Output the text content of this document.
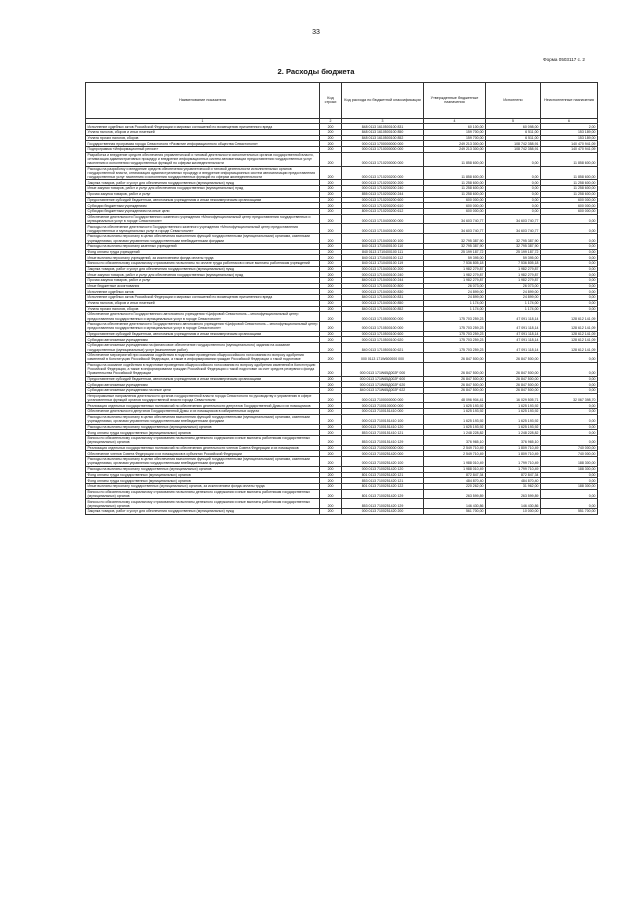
33
Форма 0503117 с. 2
2. Расходы бюджета
Наименование показателя	Код строки	Код расхода по бюджетной классификации	Утвержденные бюджетные назначения	Исполнено	Неисполненные назначения
1	2	3	4	5	6
Исполнение судебных актов Российской Федерации и мировых соглашений по возмещению причиненного вреда	200	848 0113 1610500100 831	60 100,00	60 098,00	2,00
Уплата налогов, сборов и иных платежей	200	848 0113 1610500100 850	159 700,00	6 511,00	153 189,00
Уплата прочих налогов, сборов	200	848 0113 1610500100 852	159 700,00	6 511,00	153 189,00
Государственная программа города Севастополя «Развитие информационного общества Севастополя»	200	000 0113 1700000000 000	249 213 300,00	108 742 358,91	140 470 941,09
Подпрограмма «Информационный регион»	200	000 0113 1710000000 000	249 213 300,00	108 742 358,91	140 470 941,09
Разработка и внедрение средств обеспечения управленческой и типовой деятельности исполнительных органов государственной власти, оптимизация административных процедур и внедрение информационных систем автоматизации предоставления государственных услуг населению и исполнения государственных функций по сферам жизнедеятельности	200	000 0113 1710200000 000	11 858 600,00	0,00	11 858 600,00
Расходы на разработку и внедрение средств обеспечения управленческой и типовой деятельности исполнительных органов государственной власти, оптимизация административных процедур и внедрение информационных систем автоматизации предоставления государственных услуг населению и исполнения государственных функций по сферам жизнедеятельности	200	000 0113 1710200200 000	11 858 600,00	0,00	11 858 600,00
Закупка товаров, работ и услуг для обеспечения государственных (муниципальных) нужд	200	000 0113 1710200200 200	11 258 600,00	0,00	11 258 600,00
Иные закупки товаров, работ и услуг для обеспечения государственных (муниципальных) нужд	200	000 0113 1710200200 240	11 258 600,00	0,00	11 258 600,00
Прочая закупка товаров, работ и услуг	200	855 0113 1710200200 244	11 258 600,00	0,00	11 258 600,00
Предоставление субсидий бюджетным, автономным учреждениям и иным некоммерческим организациям	200	000 0113 1710200200 600	600 000,00	0,00	600 000,00
Субсидии бюджетным учреждениям	200	000 0113 1710200200 610	600 000,00	0,00	600 000,00
Субсидии бюджетным учреждениям на иные цели	200	809 0113 1710200200 612	600 000,00	0,00	600 000,00
Обеспечение деятельности Государственного казенного учреждения «Многофункциональный центр предоставления государственных и муниципальных услуг в городе Севастополе»	200	000 0113 1710400000 000	34 603 740,77	34 603 740,77	0,00
Расходы на обеспечение деятельности Государственного казенного учреждения «Многофункциональный центр предоставления государственных и муниципальных услуг в городе Севастополе»	200	000 0113 1710400100 000	34 603 740,77	34 603 740,77	0,00
Расходы на выплаты персоналу в целях обеспечения выполнения функций государственными (муниципальными) органами, казенными учреждениями, органами управления государственными внебюджетными фондами	200	000 0113 1710400100 100	32 795 387,90	32 795 387,90	0,00
Расходы на выплаты персоналу казенных учреждений	200	840 0113 1710400100 110	32 795 387,90	32 795 387,90	0,00
Фонд оплаты труда учреждений	200	840 0113 1710400100 111	25 199 187,72	25 199 187,72	0,00
Иные выплаты персоналу учреждений, за исключением фонда оплаты труда	200	840 0113 1710400100 112	59 395,00	59 395,00	0,00
Взносы по обязательному социальному страхованию на выплаты по оплате труда работников и иные выплаты работникам учреждений	200	840 0113 1710400100 119	7 536 805,18	7 536 805,18	0,00
Закупка товаров, работ и услуг для обеспечения государственных (муниципальных) нужд	200	000 0113 1710400100 200	1 982 279,87	1 982 279,87	0,00
Иные закупки товаров, работ и услуг для обеспечения государственных (муниципальных) нужд	200	000 0113 1710400100 240	1 982 279,87	1 982 279,87	0,00
Прочая закупка товаров, работ и услуг	200	840 0113 1710400100 244	1 982 279,87	1 982 279,87	0,00
Иные бюджетные ассигнования	200	000 0113 1710400100 800	26 073,00	26 073,00	0,00
Исполнение судебных актов	200	000 0113 1710400100 830	24 899,00	24 899,00	0,00
Исполнение судебных актов Российской Федерации и мировых соглашений по возмещению причиненного вреда	200	840 0113 1710400100 831	24 899,00	24 899,00	0,00
Уплата налогов, сборов и иных платежей	200	000 0113 1710400100 850	1 174,00	1 174,00	0,00
Уплата прочих налогов, сборов	200	840 0113 1710400100 852	1 174,00	1 174,00	0,00
Обеспечение деятельности Государственного автономного учреждения «Цифровой Севастополь – многофункциональный центр предоставления государственных и муниципальных услуг в городе Севастополе»	200	000 0113 1710500000 000	175 703 259,23	47 091 118,14	128 612 141,09
Расходы на обеспечение деятельности Государственного автономного учреждения «Цифровой Севастополь – многофункциональный центр предоставления государственных и муниципальных услуг в городе Севастополе»	200	000 0113 1710500100 000	175 703 259,23	47 091 118,14	128 612 141,09
Предоставление субсидий бюджетным, автономным учреждениям и иным некоммерческим организациям	200	000 0113 1710500100 600	175 703 259,23	47 091 118,14	128 612 141,09
Субсидии автономным учреждениям	200	000 0113 1710500100 620	175 703 259,23	47 091 118,14	128 612 141,09
Субсидии автономным учреждениям на финансовое обеспечение государственного (муниципального) задания на оказание государственных (муниципальных) услуг (выполнение работ)	200	840 0113 1710500100 621	175 703 259,23	47 091 118,14	128 612 141,09
Обеспечение мероприятий при оказании содействия в подготовке проведения общероссийского голосования по вопросу одобрения изменений в Конституцию Российской Федерации, а также в информировании граждан Российской Федерации о такой подготовке	200	000 0113 171W600000 000	26 847 500,00	26 847 500,00	0,00
Расходы на оказание содействия в подготовке проведения общероссийского голосования по вопросу одобрения изменений в Конституцию Российской Федерации, а также в информировании граждан Российской Федерации о такой подготовке за счет средств резервного фонда Правительства Российской Федерации	200	000 0113 171W65Д002F 000	26 847 500,00	26 847 500,00	0,00
Предоставление субсидий бюджетным, автономным учреждениям и иным некоммерческим организациям	200	000 0113 171W65Д002F 600	26 847 500,00	26 847 500,00	0,00
Субсидии автономным учреждениям	200	000 0113 171W65Д002F 620	26 847 500,00	26 847 500,00	0,00
Субсидии автономным учреждениям на иные цели	200	840 0113 171W65Д002F 622	26 847 500,00	26 847 500,00	0,00
Непрограммные направления деятельности органов государственной власти города Севастополя по руководству и управлению в сфере установленных функций органов государственной власти города Севастополя	200	000 0113 7100000000 000	48 096 904,41	16 029 505,71	32 067 398,70
Реализация отдельных государственных полномочий по обеспечению деятельности депутатов Государственной Думы и их помощников	200	000 0113 7100100000 000	1 625 193,92	1 625 193,92	0,00
Обеспечение деятельности депутатов Государственной Думы и их помощников в избирательных округах	200	000 0113 7100151410 000	1 625 193,92	1 625 193,92	0,00
Расходы на выплаты персоналу в целях обеспечения выполнения функций государственными (муниципальными) органами, казенными учреждениями, органами управления государственными внебюджетными фондами	200	000 0113 7100151410 100	1 625 193,92	1 625 193,92	0,00
Расходы на выплаты персоналу государственных (муниципальных) органов	200	000 0113 7100151410 120	1 625 193,92	1 625 193,92	0,00
Фонд оплаты труда государственных (муниципальных) органов	200	853 0113 7100151410 121	1 248 228,82	1 248 228,82	0,00
Взносы по обязательному социальному страхованию на выплаты денежного содержания и иные выплаты работникам государственных (муниципальных) органов	200	853 0113 7100151410 129	376 965,10	376 965,10	0,00
Реализация отдельных государственных полномочий по обеспечению деятельности членов Совета Федерации и их помощников	200	000 0113 7100200000 000	2 549 710,49	1 809 710,49	740 000,00
Обеспечение членов Совета Федерации и их помощников в субъектах Российской Федерации	200	000 0113 7100251420 000	2 549 710,49	1 809 710,49	740 000,00
Расходы на выплаты персоналу в целях обеспечения выполнения функций государственными (муниципальными) органами, казенными учреждениями, органами управления государственными внебюджетными фондами	200	000 0113 7100251420 100	1 988 010,49	1 799 710,49	188 300,00
Расходы на выплаты персоналу государственных (муниципальных) органов	200	000 0113 7100251420 120	1 988 010,49	1 799 710,49	188 300,00
Фонд оплаты труда государственных (муниципальных) органов	200	801 0113 7100251420 121	872 847,34	872 847,34	0,00
Фонд оплаты труда государственных (муниципальных) органов	200	853 0113 7100251420 121	484 870,40	484 870,40	0,00
Иные выплаты персоналу государственных (муниципальных) органов, за исключением фонда оплаты труда	200	801 0113 7100251420 122	220 262,00	31 962,00	188 300,00
Взносы по обязательному социальному страхованию на выплаты денежного содержания и иные выплаты работникам государственных (муниципальных) органов	200	801 0113 7100251420 129	263 599,89	263 599,89	0,00
Взносы по обязательному социальному страхованию на выплаты денежного содержания и иные выплаты работникам государственных (муниципальных) органов	200	853 0113 7100251420 129	146 430,86	146 430,86	0,00
Закупка товаров, работ и услуг для обеспечения государственных (муниципальных) нужд	200	000 0113 7100251420 200	561 700,00	10 000,00	551 700,00
